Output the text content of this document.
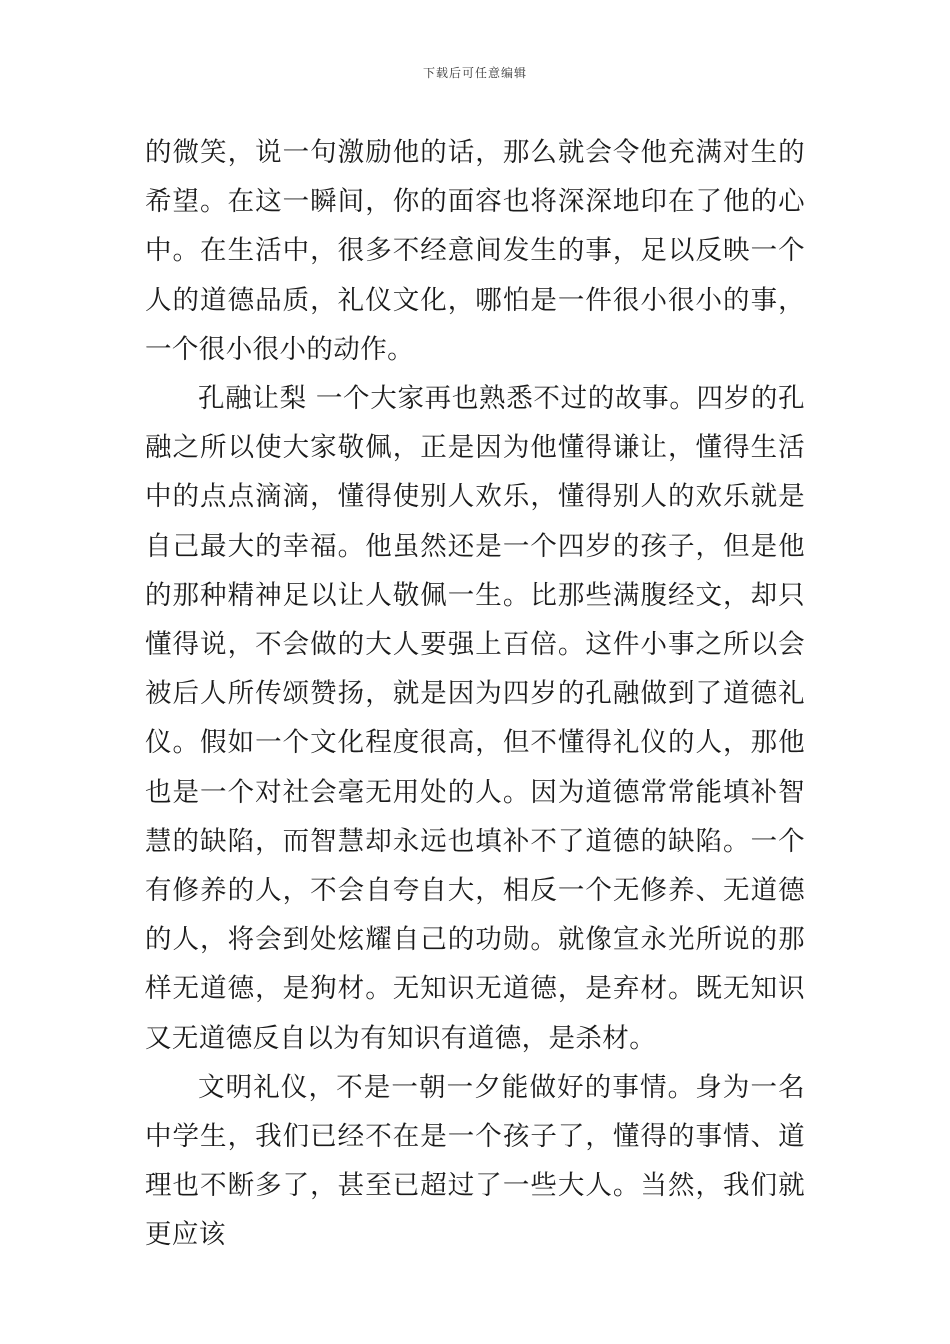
下载后可任意编辑

的微笑，说一句激励他的话，那么就会令他充满对生的希望。在这一瞬间，你的面容也将深深地印在了他的心中。在生活中，很多不经意间发生的事，足以反映一个人的道德品质，礼仪文化，哪怕是一件很小很小的事，一个很小很小的动作。

孔融让梨 一个大家再也熟悉不过的故事。四岁的孔融之所以使大家敬佩，正是因为他懂得谦让，懂得生活中的点点滴滴，懂得使别人欢乐，懂得别人的欢乐就是自己最大的幸福。他虽然还是一个四岁的孩子，但是他的那种精神足以让人敬佩一生。比那些满腹经文，却只懂得说，不会做的大人要强上百倍。这件小事之所以会被后人所传颂赞扬，就是因为四岁的孔融做到了道德礼仪。假如一个文化程度很高，但不懂得礼仪的人，那他也是一个对社会毫无用处的人。因为道德常常能填补智慧的缺陷，而智慧却永远也填补不了道德的缺陷。一个有修养的人，不会自夸自大，相反一个无修养、无道德的人，将会到处炫耀自己的功勋。就像宣永光所说的那样无道德，是狗材。无知识无道德，是弃材。既无知识又无道德反自以为有知识有道德，是杀材。

文明礼仪，不是一朝一夕能做好的事情。身为一名中学生，我们已经不在是一个孩子了，懂得的事情、道理也不断多了，甚至已超过了一些大人。当然，我们就更应该
